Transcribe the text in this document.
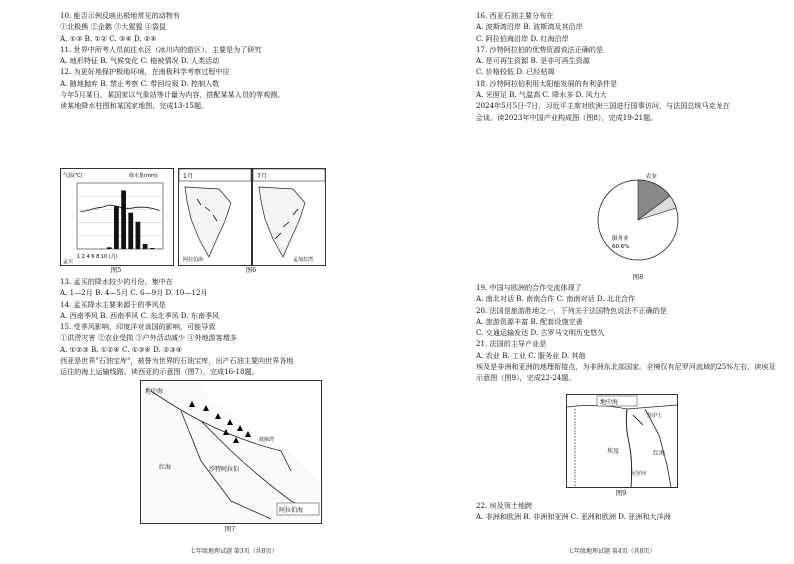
10. 能否示例反映出极地常见的动物有
①北极熊 ②企鹅 ③大猩猩 ④袋鼠
A. ①③ B. ①② C. ③④ D. ②④
11. 世界中所考人员前往水区（冰川内的游区），主要是为了研究
A. 地形特征 B. 气候变化 C. 植被情况 D. 人类活动
12. 为更好地保护极地环境，在南极科学考察过程中应
A. 随地抛弃 B. 禁止考察 C. 带回垃圾 D. 控制人数
今年5月某日，某国家以气象站等计量为内容，搭配某某人员的等观测。
读某地降水柱图和某国家地图，完成13-15题。
气温(℃)	降水量(mm)
1 2 4 6 8 10 (月)
孟买
图5
1月
阿拉伯海
7月
孟加拉湾
图6
13. 孟买的降水较少的月份，集中在
A. 1—2月 B. 4—5月 C. 6—9月 D. 10—12月
14. 孟买降水主要来源于的季风是
A. 西南季风 B. 西南季风 C. 东北季风 D. 东南季风
15. 受季风影响，印度洋对该国的影响，可能导致
①洪涝灾害 ②农业受损 ③户外活动减少 ④外地游客增多
A. ①②③ B. ①②④ C. ①③④ D. ②③④
西亚是世界"石油宝库"，被誉为世界的石油宝库，出产石油主要向世界各地
运往的海上运输线路。读西亚的示意图（图7），完成16-18题。
地中海
红海	沙特阿拉伯
波斯湾
阿拉伯海
图7
七年级地理试题 第3页（共8页）
16. 西亚石油主要分布在
A. 波斯湾沿岸 B. 波斯湾及其沿岸
C. 阿拉伯海沿岸 D. 红海沿岸
17. 沙特阿拉伯的优势资源说法正确的是
A. 是可再生资源 B. 是非可再生资源
C. 价格较低 D. 已经枯竭
18. 沙特阿拉伯利用太阳能发展的有利条件是
A. 光照足 B. 气温高 C. 降水多 D. 风力大
2024年5月5日-7日，习近平主席对欧洲三国进行国事访问，与法国总统马克龙在
会谈。读2023年中国产业构成图（图8），完成19-21题。
农业
服务业
60.6%
图8
19. 中国与欧洲的合作交流体现了
A. 南北对话 B. 南南合作 C. 南南对话 D. 北北合作
20. 法国是旅游胜地之一，下列关于法国特色说法不正确的是
A. 旅游资源丰富 B. 配套设施完善
C. 交通运输发达 D. 古罗马文明历史悠久
21. 法国的主导产业是
A. 农业 B. 工业 C. 服务业 D. 其他
埃及是非洲和亚洲的地理衔接点，为非洲东北部国家。全境仅有尼罗河流域的25%左右，读埃及
示意图（图9），完成22-24题。
地中海
红海
埃及
尼罗河
苏伊士
图9
22. 埃及领土地跨
A. 非洲和欧洲 B. 非洲和亚洲 C. 亚洲和欧洲 D. 亚洲和大洋洲
七年级地理试题 第4页（共8页）
